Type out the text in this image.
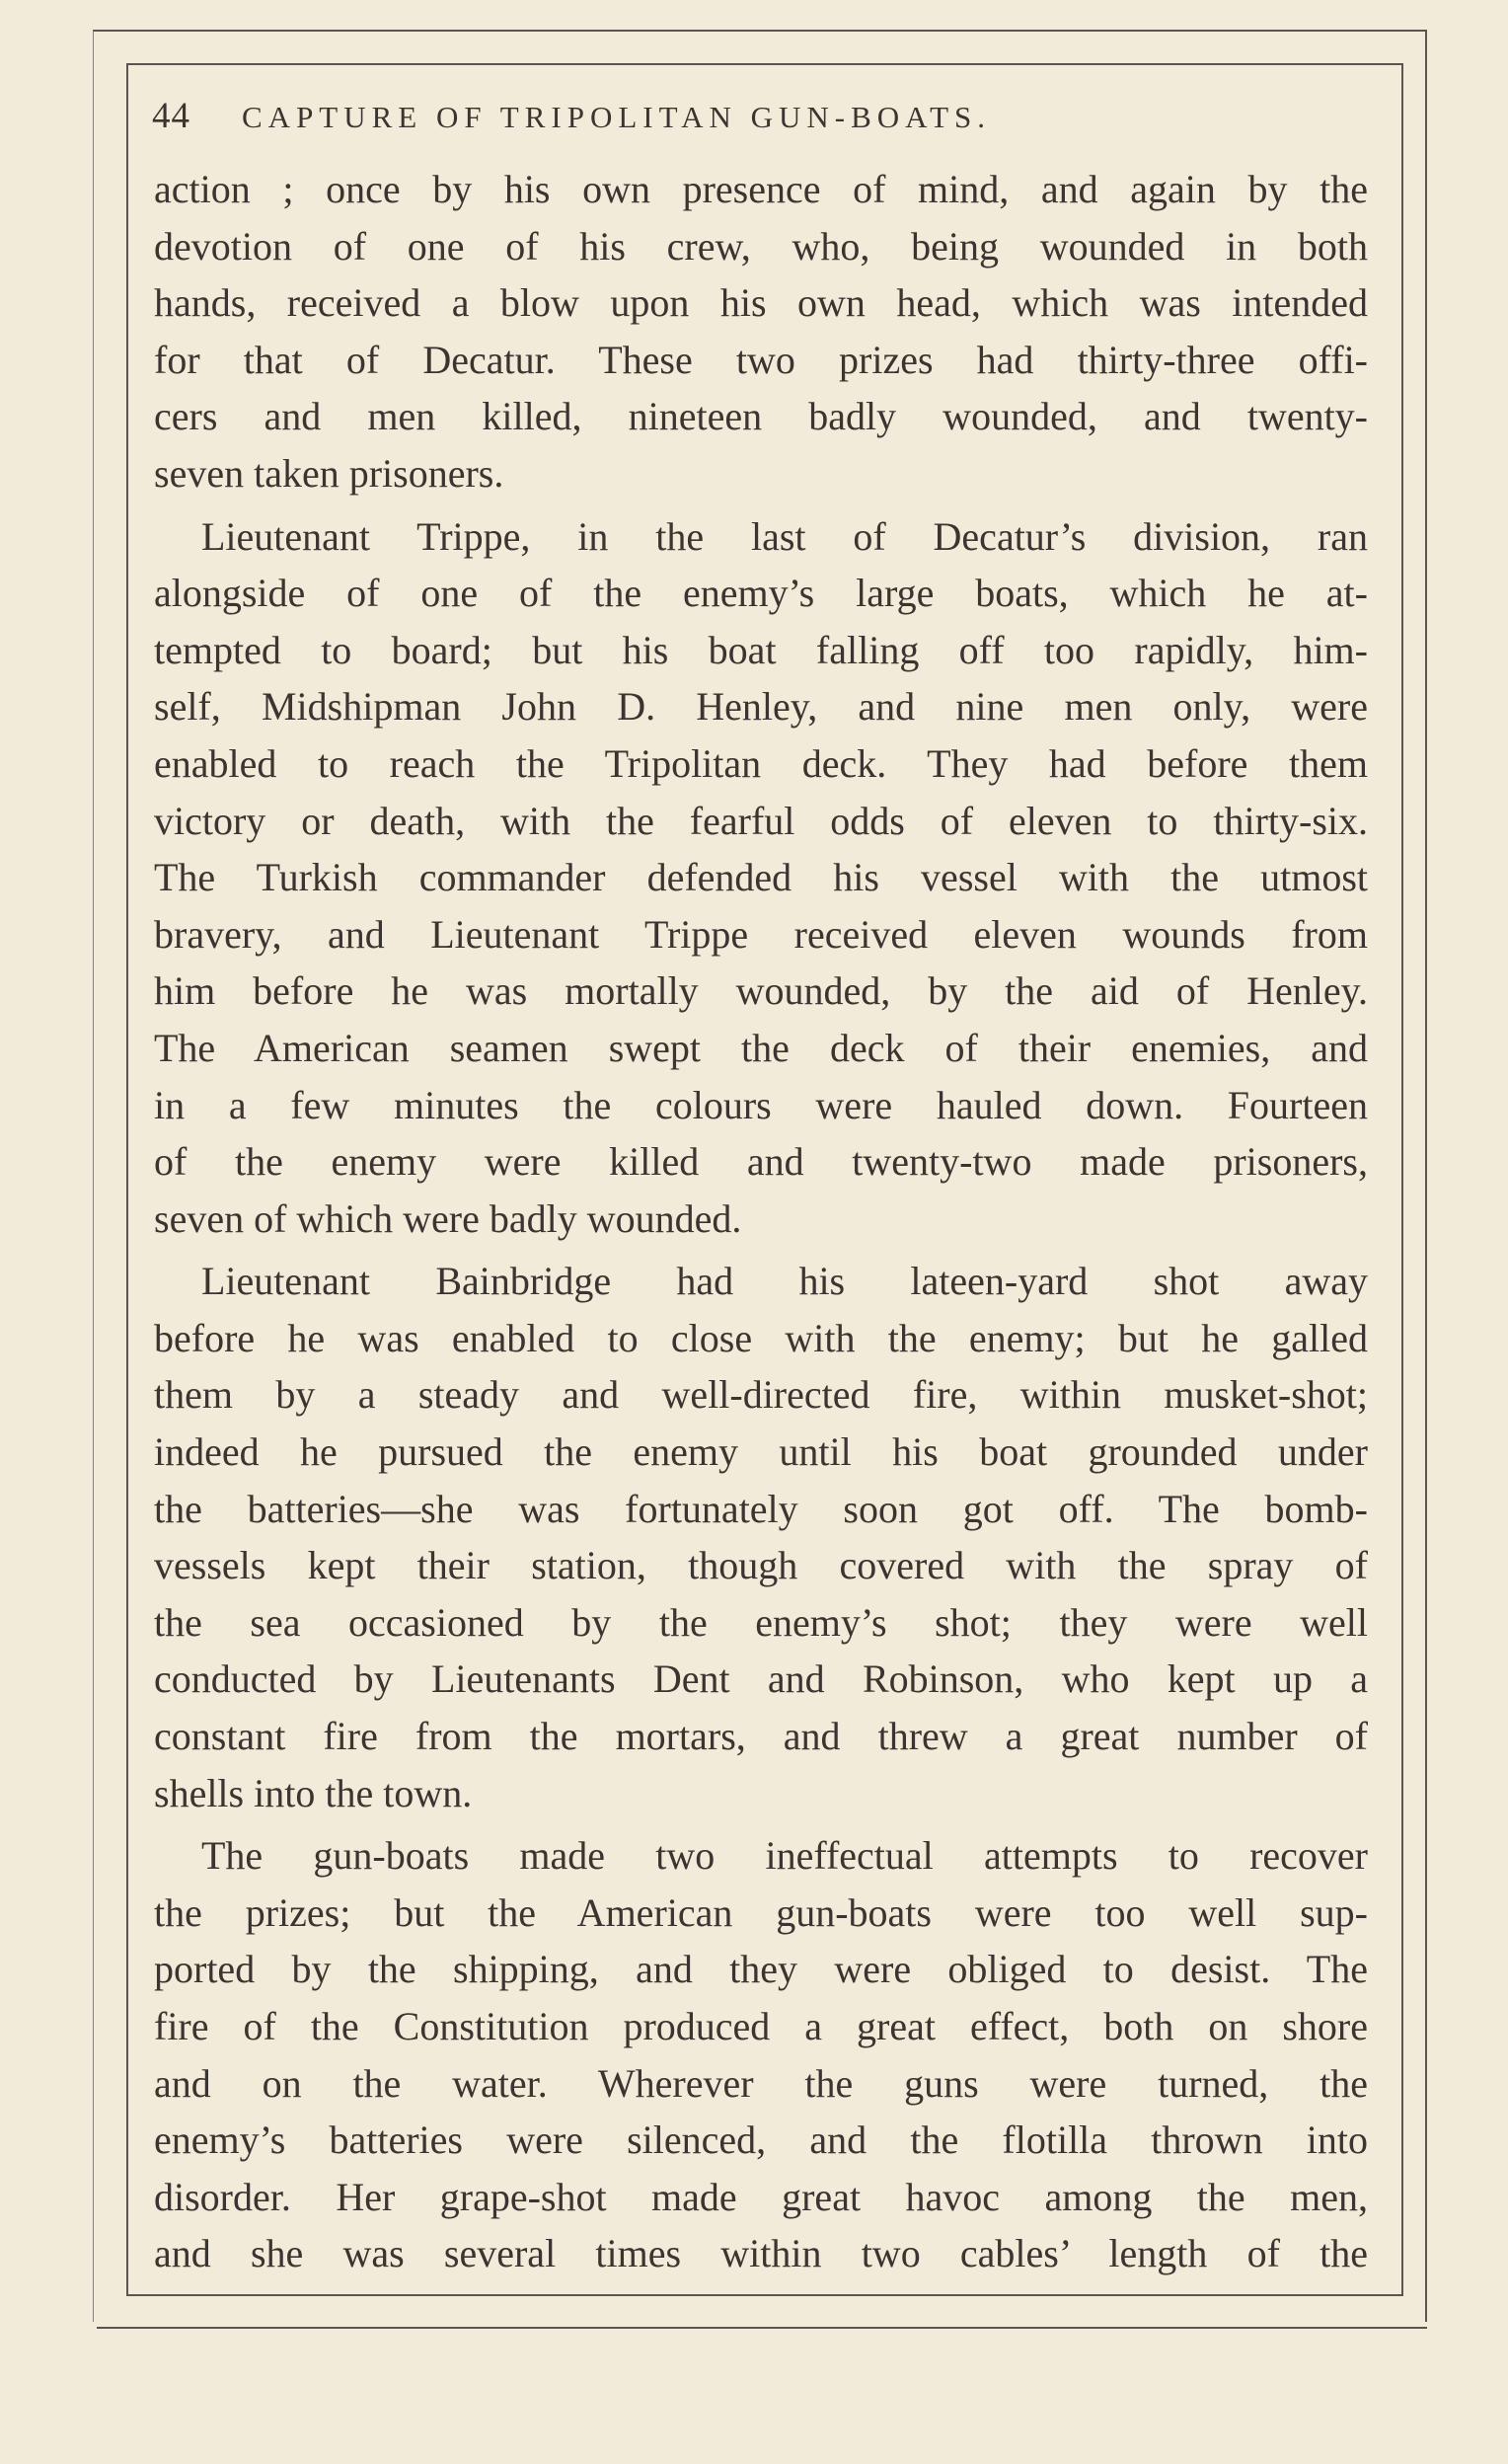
44 CAPTURE OF TRIPOLITAN GUN-BOATS.
action ; once by his own presence of mind, and again by the
devotion of one of his crew, who, being wounded in both
hands, received a blow upon his own head, which was intended
for that of Decatur. These two prizes had thirty-three offi-
cers and men killed, nineteen badly wounded, and twenty-
seven taken prisoners.
Lieutenant Trippe, in the last of Decatur’s division, ran
alongside of one of the enemy’s large boats, which he at-
tempted to board; but his boat falling off too rapidly, him-
self, Midshipman John D. Henley, and nine men only, were
enabled to reach the Tripolitan deck. They had before them
victory or death, with the fearful odds of eleven to thirty-six.
The Turkish commander defended his vessel with the utmost
bravery, and Lieutenant Trippe received eleven wounds from
him before he was mortally wounded, by the aid of Henley.
The American seamen swept the deck of their enemies, and
in a few minutes the colours were hauled down. Fourteen
of the enemy were killed and twenty-two made prisoners,
seven of which were badly wounded.
Lieutenant Bainbridge had his lateen-yard shot away
before he was enabled to close with the enemy; but he galled
them by a steady and well-directed fire, within musket-shot;
indeed he pursued the enemy until his boat grounded under
the batteries—she was fortunately soon got off. The bomb-
vessels kept their station, though covered with the spray of
the sea occasioned by the enemy’s shot; they were well
conducted by Lieutenants Dent and Robinson, who kept up a
constant fire from the mortars, and threw a great number of
shells into the town.
The gun-boats made two ineffectual attempts to recover
the prizes; but the American gun-boats were too well sup-
ported by the shipping, and they were obliged to desist. The
fire of the Constitution produced a great effect, both on shore
and on the water. Wherever the guns were turned, the
enemy’s batteries were silenced, and the flotilla thrown into
disorder. Her grape-shot made great havoc among the men,
and she was several times within two cables’ length of the
